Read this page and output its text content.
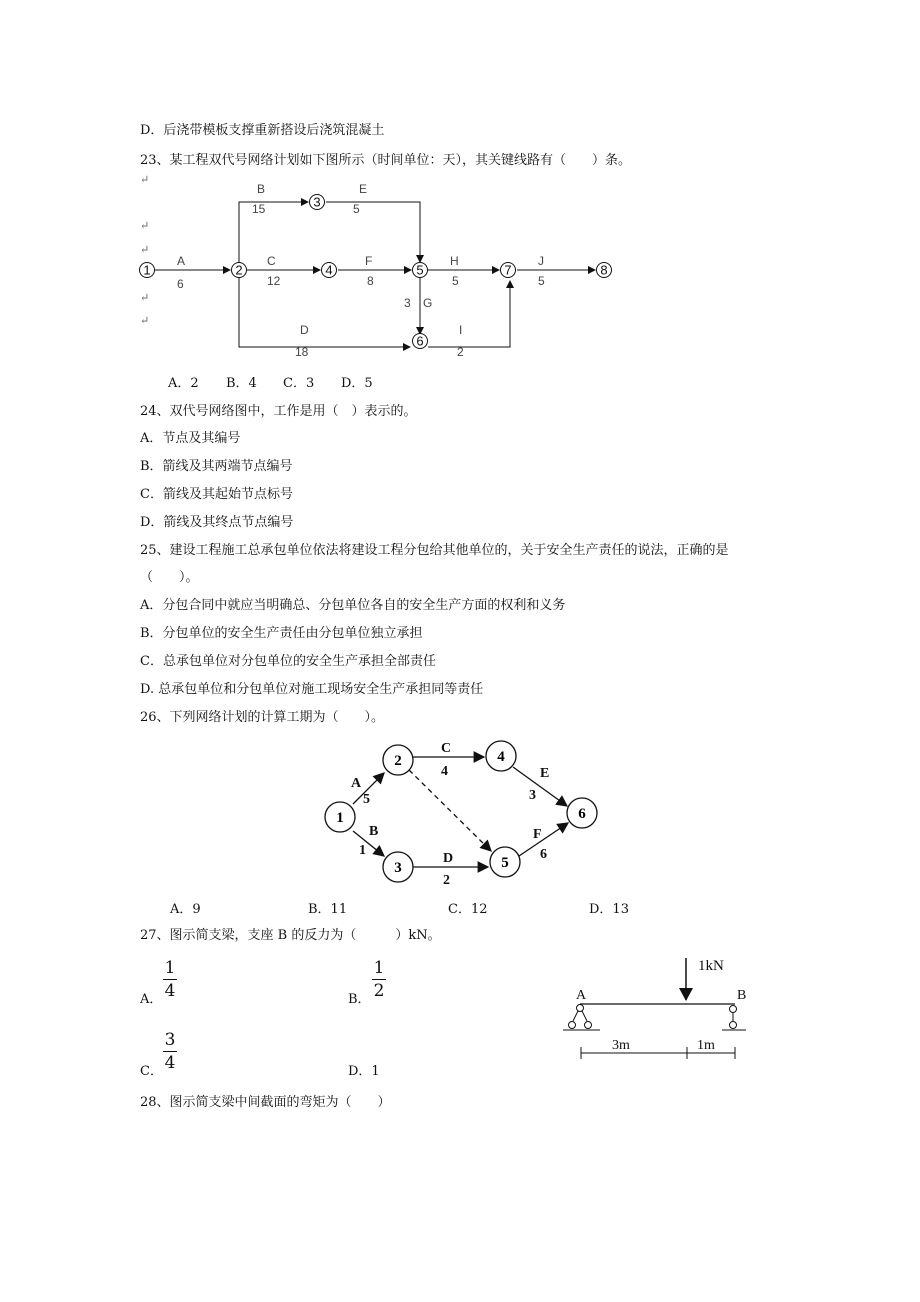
D．后浇带模板支撑重新搭设后浇筑混凝土
23、某工程双代号网络计划如下图所示（时间单位：天），其关键线路有（　　）条。
↵
↵
↵
↵
↵
1	2
3
4	5
6
7	8
A
6
B
15
C
12
D
18
E
5
F
8
G
3
H
5
I
2
J
5
A．2 B．4 C．3 D．5
24、双代号网络图中，工作是用（　）表示的。
A．节点及其编号
B．箭线及其两端节点编号
C．箭线及其起始节点标号
D．箭线及其终点节点编号
25、建设工程施工总承包单位依法将建设工程分包给其他单位的，关于安全生产责任的说法，正确的是
（　　）。
A．分包合同中就应当明确总、分包单位各自的安全生产方面的权利和义务
B．分包单位的安全生产责任由分包单位独立承担
C．总承包单位对分包单位的安全生产承担全部责任
D. 总承包单位和分包单位对施工现场安全生产承担同等责任
26、下列网络计划的计算工期为（　　）。
1
2
3
4
5
6
A
5
B
1
C
4
D
2
E
3
F
6
A．9	B．11	C．12	D．13
27、图示简支梁，支座 B 的反力为（　　　）kN。
A．
1
4	B．
1
2
C．
3
4	D．1
1kN
A	B
3m	1m
28、图示简支梁中间截面的弯矩为（　　）
